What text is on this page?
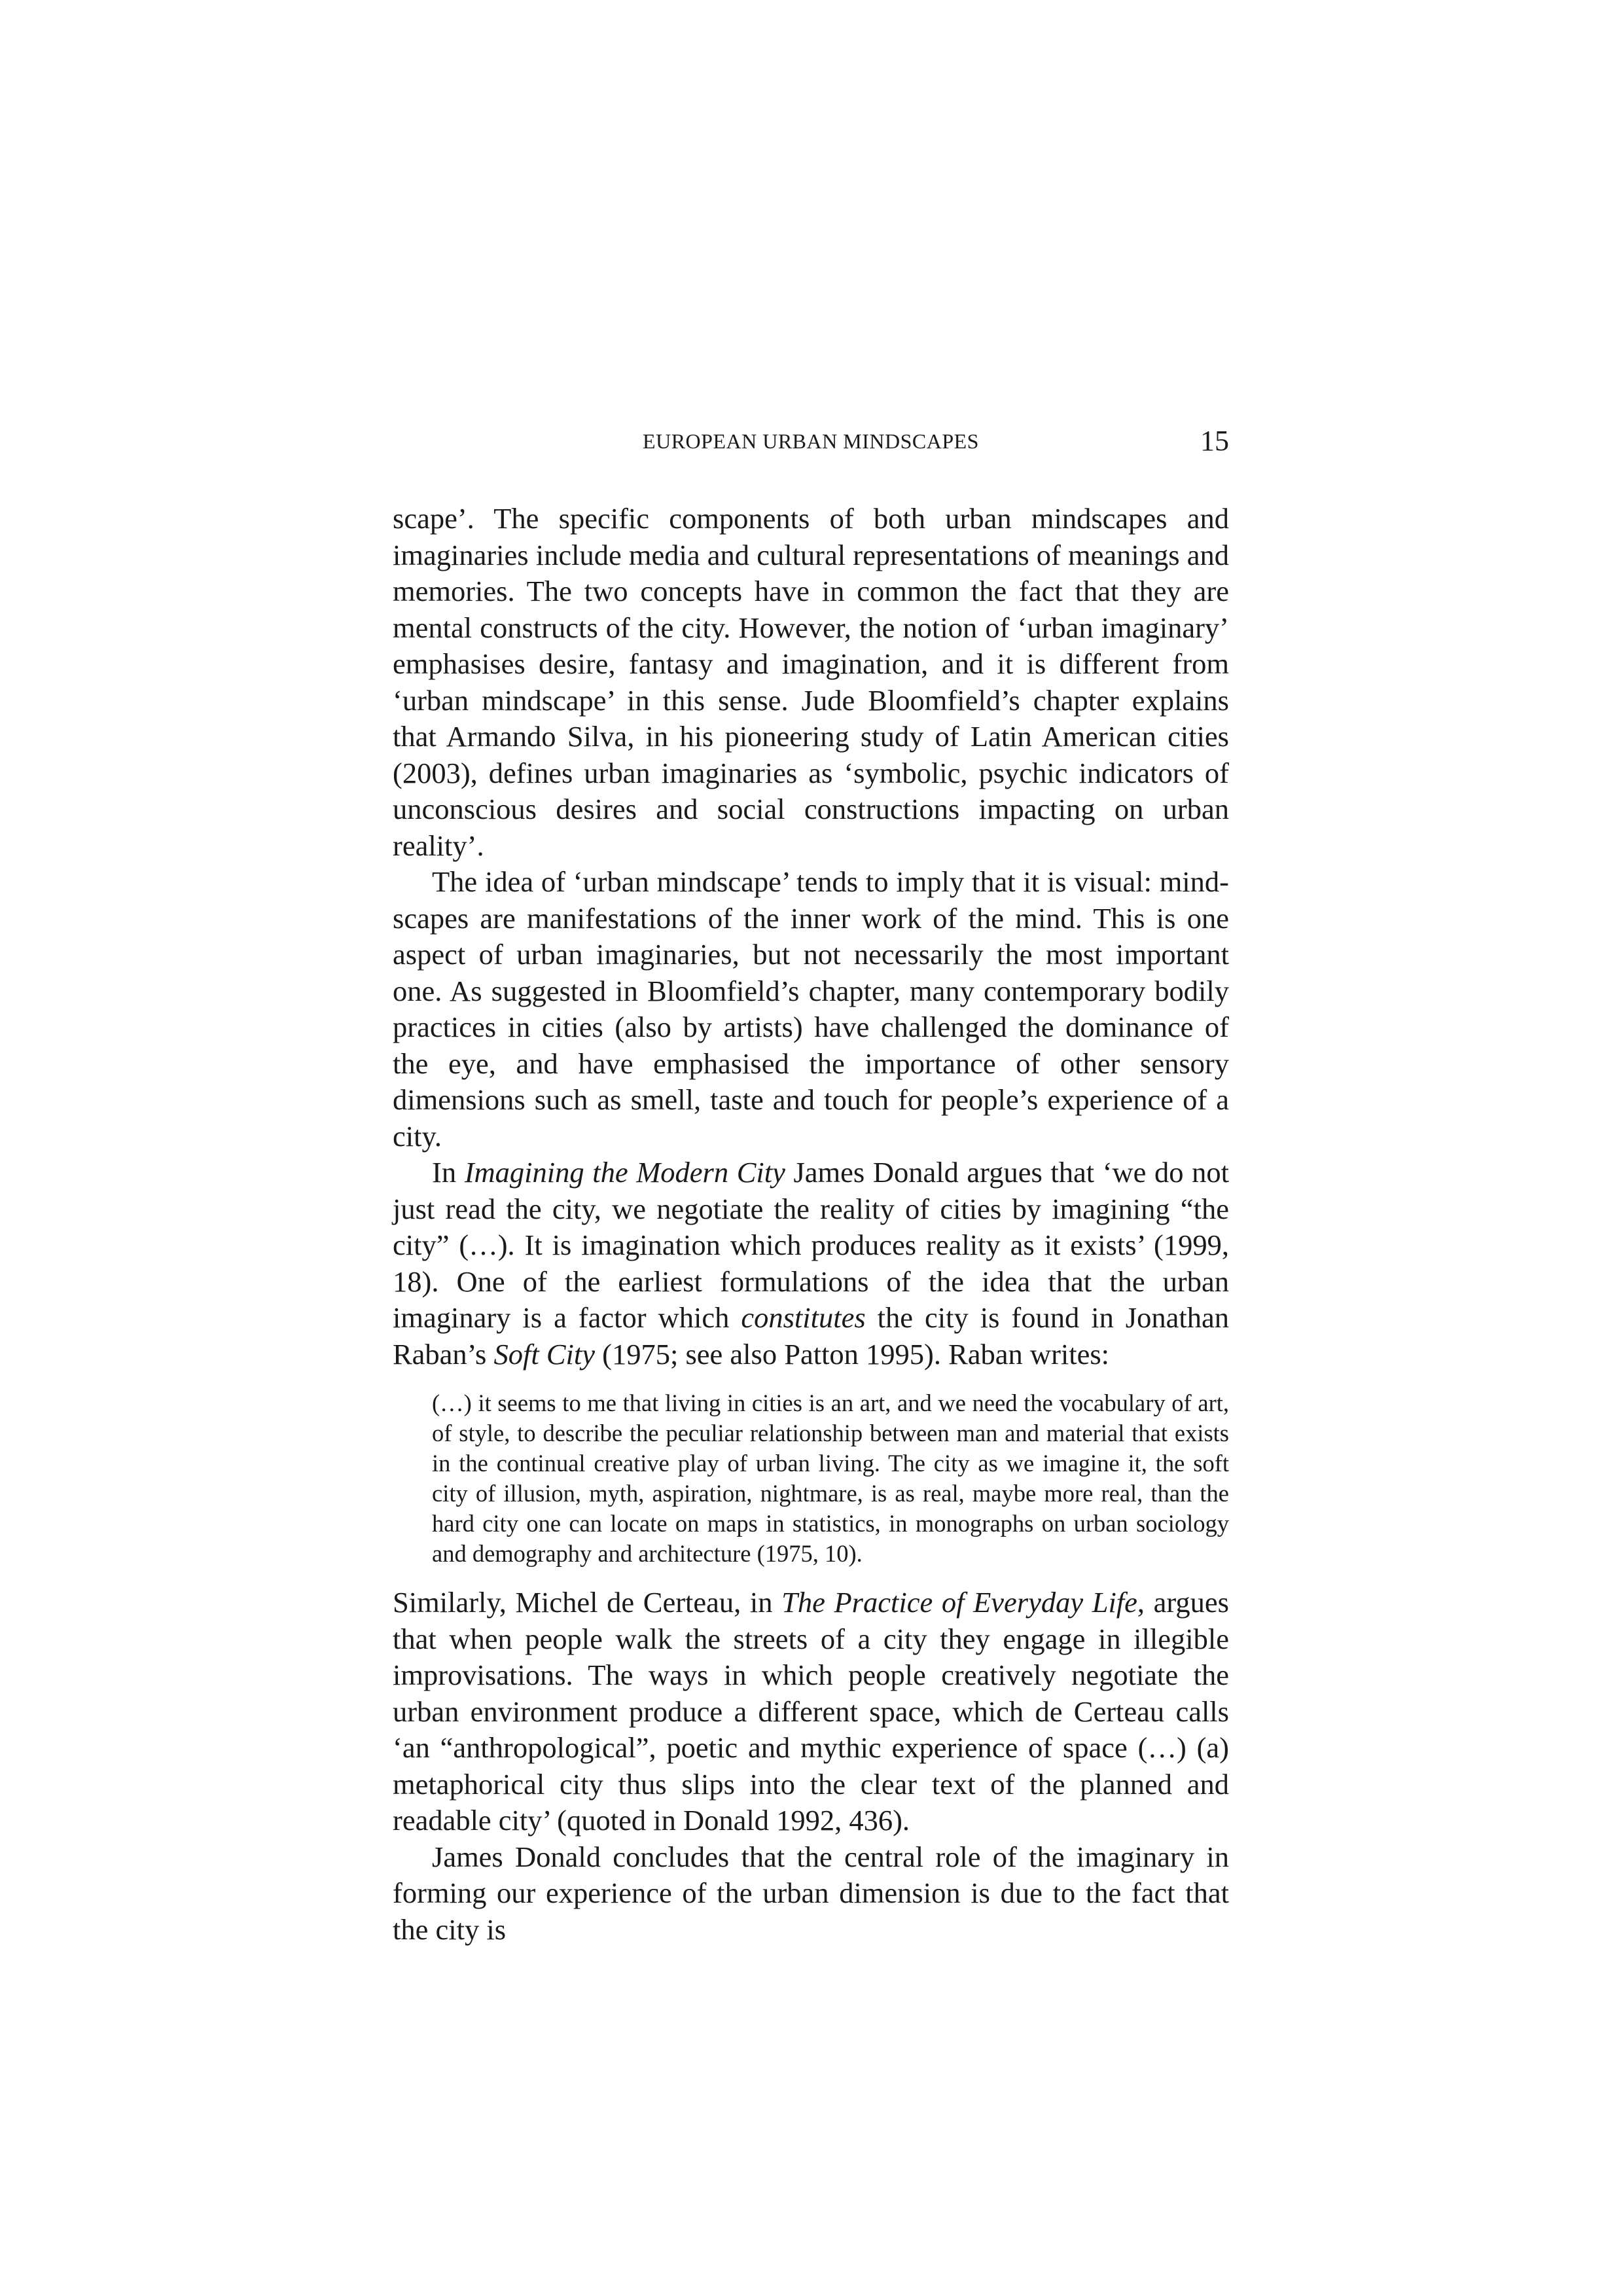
EUROPEAN URBAN MINDSCAPES	15

scape’. The specific components of both urban mindscapes and imaginaries include media and cultural representations of meanings and memories. The two concepts have in common the fact that they are mental constructs of the city. However, the notion of ‘urban imaginary’ emphasises desire, fantasy and imagination, and it is different from ‘urban mindscape’ in this sense. Jude Bloomfield’s chapter explains that Armando Silva, in his pioneering study of Latin American cities (2003), defines urban imaginaries as ‘symbolic, psychic indicators of unconscious desires and social constructions impacting on urban reality’.

The idea of ‘urban mindscape’ tends to imply that it is visual: mindscapes are manifestations of the inner work of the mind. This is one aspect of urban imaginaries, but not necessarily the most important one. As suggested in Bloomfield’s chapter, many contemporary bodily practices in cities (also by artists) have challenged the dominance of the eye, and have emphasised the importance of other sensory dimensions such as smell, taste and touch for people’s experience of a city.

In Imagining the Modern City James Donald argues that ‘we do not just read the city, we negotiate the reality of cities by imagining “the city” (…). It is imagination which produces reality as it exists’ (1999, 18). One of the earliest formulations of the idea that the urban imaginary is a factor which constitutes the city is found in Jonathan Raban’s Soft City (1975; see also Patton 1995). Raban writes:

(…) it seems to me that living in cities is an art, and we need the vocabulary of art, of style, to describe the peculiar relationship between man and material that exists in the continual creative play of urban living. The city as we imagine it, the soft city of illusion, myth, aspiration, nightmare, is as real, maybe more real, than the hard city one can locate on maps in statistics, in monographs on urban sociology and demography and architecture (1975, 10).

Similarly, Michel de Certeau, in The Practice of Everyday Life, argues that when people walk the streets of a city they engage in illegible improvisations. The ways in which people creatively negotiate the urban environment produce a different space, which de Certeau calls ‘an “anthropological”, poetic and mythic experience of space (…) (a) metaphorical city thus slips into the clear text of the planned and readable city’ (quoted in Donald 1992, 436).

James Donald concludes that the central role of the imaginary in forming our experience of the urban dimension is due to the fact that the city is
